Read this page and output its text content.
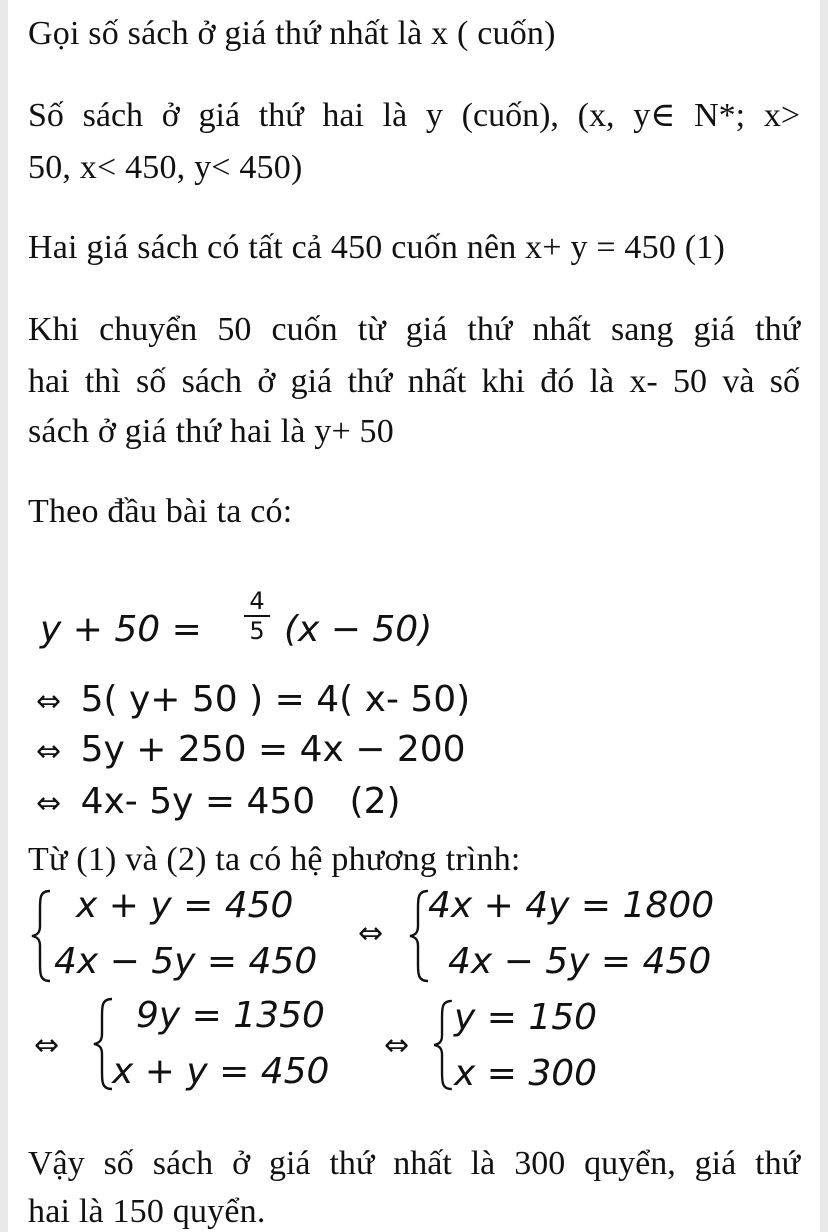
Gọi số sách ở giá thứ nhất là x ( cuốn)
Số sách ở giá thứ hai là y (cuốn), (x, y∈ N*; x>
50, x< 450, y< 450)
Hai giá sách có tất cả 450 cuốn nên x+ y = 450 (1)
Khi chuyển 50 cuốn từ giá thứ nhất sang giá thứ
hai thì số sách ở giá thứ nhất khi đó là x- 50 và số
sách ở giá thứ hai là y+ 50
Theo đầu bài ta có:
y + 50 =
4
5 (x − 50)
⇔ 5( y+ 50 ) = 4( x- 50)
⇔ 5y + 250 = 4x − 200
⇔ 4x- 5y = 450   (2)
Từ (1) và (2) ta có hệ phương trình:
x + y = 450
4x − 5y = 450
⇔
4x + 4y = 1800
4x − 5y = 450
⇔
9y = 1350
x + y = 450
⇔
y = 150
x = 300
Vậy số sách ở giá thứ nhất là 300 quyển, giá thứ
hai là 150 quyển.
